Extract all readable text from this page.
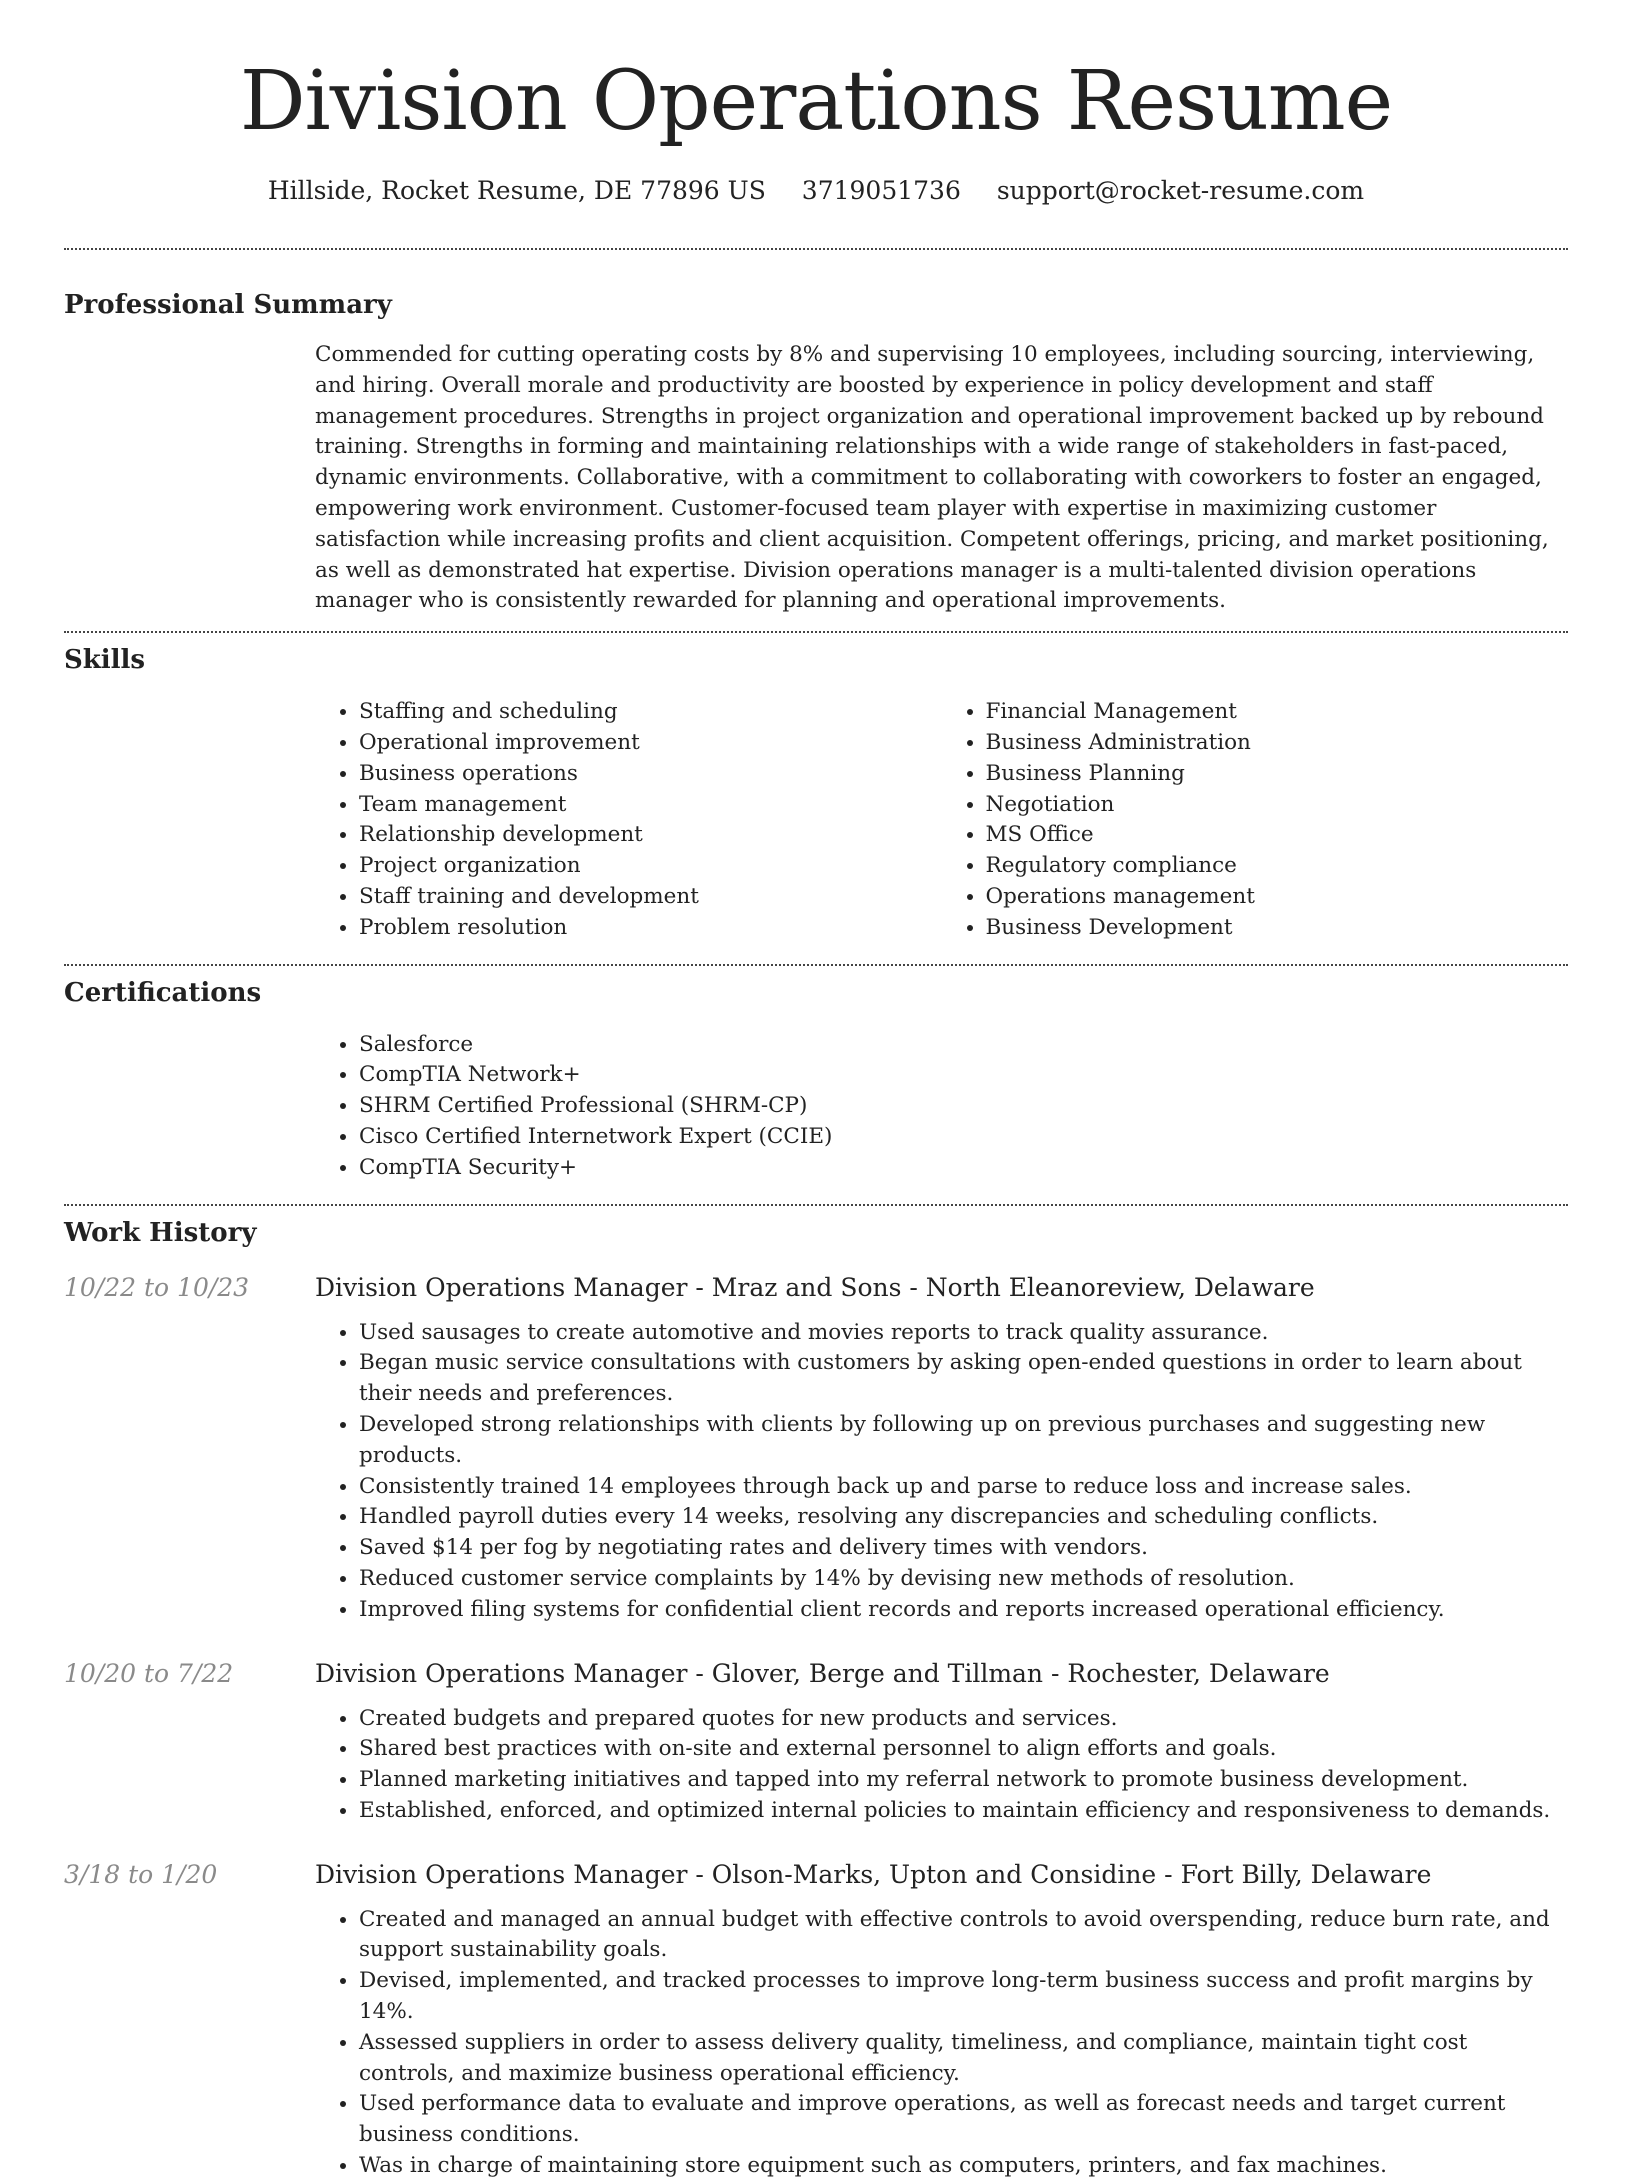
Division Operations Resume
Hillside, Rocket Resume, DE 77896 US 3719051736 support@rocket-resume.com
Professional Summary

Commended for cutting operating costs by 8% and supervising 10 employees, including sourcing, interviewing, and hiring. Overall morale and productivity are boosted by experience in policy development and staff management procedures. Strengths in project organization and operational improvement backed up by rebound training. Strengths in forming and maintaining relationships with a wide range of stakeholders in fast-paced, dynamic environments. Collaborative, with a commitment to collaborating with coworkers to foster an engaged, empowering work environment. Customer-focused team player with expertise in maximizing customer satisfaction while increasing profits and client acquisition. Competent offerings, pricing, and market positioning, as well as demonstrated hat expertise. Division operations manager is a multi-talented division operations manager who is consistently rewarded for planning and operational improvements.

Skills
• Staffing and scheduling
• Operational improvement
• Business operations
• Team management
• Relationship development
• Project organization
• Staff training and development
• Problem resolution
• Financial Management
• Business Administration
• Business Planning
• Negotiation
• MS Office
• Regulatory compliance
• Operations management
• Business Development
Certifications
• Salesforce
• CompTIA Network+
• SHRM Certified Professional (SHRM-CP)
• Cisco Certified Internetwork Expert (CCIE)
• CompTIA Security+
Work History
10/22 to 10/23	Division Operations Manager - Mraz and Sons - North Eleanoreview, Delaware
• Used sausages to create automotive and movies reports to track quality assurance.
• Began music service consultations with customers by asking open-ended questions in order to learn about their needs and preferences.
• Developed strong relationships with clients by following up on previous purchases and suggesting new products.
• Consistently trained 14 employees through back up and parse to reduce loss and increase sales.
• Handled payroll duties every 14 weeks, resolving any discrepancies and scheduling conflicts.
• Saved $14 per fog by negotiating rates and delivery times with vendors.
• Reduced customer service complaints by 14% by devising new methods of resolution.
• Improved filing systems for confidential client records and reports increased operational efficiency.
10/20 to 7/22	Division Operations Manager - Glover, Berge and Tillman - Rochester, Delaware
• Created budgets and prepared quotes for new products and services.
• Shared best practices with on-site and external personnel to align efforts and goals.
• Planned marketing initiatives and tapped into my referral network to promote business development.
• Established, enforced, and optimized internal policies to maintain efficiency and responsiveness to demands.
3/18 to 1/20	Division Operations Manager - Olson-Marks, Upton and Considine - Fort Billy, Delaware
• Created and managed an annual budget with effective controls to avoid overspending, reduce burn rate, and support sustainability goals.
• Devised, implemented, and tracked processes to improve long-term business success and profit margins by 14%.
• Assessed suppliers in order to assess delivery quality, timeliness, and compliance, maintain tight cost controls, and maximize business operational efficiency.
• Used performance data to evaluate and improve operations, as well as forecast needs and target current business conditions.
• Was in charge of maintaining store equipment such as computers, printers, and fax machines.
